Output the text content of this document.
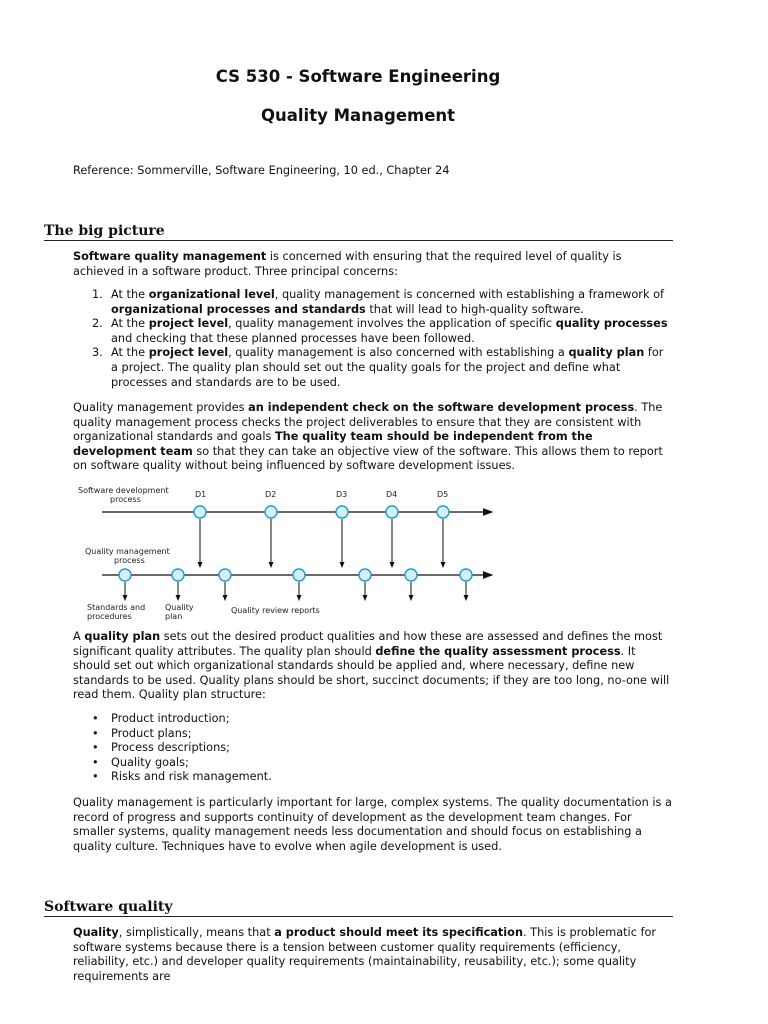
CS 530 - Software Engineering
Quality Management

Reference: Sommerville, Software Engineering, 10 ed., Chapter 24

The big picture

Software quality management is concerned with ensuring that the required level of quality is achieved in a software product. Three principal concerns:

1. At the organizational level, quality management is concerned with establishing a framework of organizational processes and standards that will lead to high-quality software.
2. At the project level, quality management involves the application of specific quality processes and checking that these planned processes have been followed.
3. At the project level, quality management is also concerned with establishing a quality plan for a project. The quality plan should set out the quality goals for the project and define what processes and standards are to be used.

Quality management provides an independent check on the software development process. The quality management process checks the project deliverables to ensure that they are consistent with organizational standards and goals The quality team should be independent from the development team so that they can take an objective view of the software. This allows them to report on software quality without being influenced by software development issues.

Software development
process
D1	D2	D3	D4	D5
Quality management
process
Standards and
procedures
Quality
plan
Quality review reports

A quality plan sets out the desired product qualities and how these are assessed and defines the most significant quality attributes. The quality plan should define the quality assessment process. It should set out which organizational standards should be applied and, where necessary, define new standards to be used. Quality plans should be short, succinct documents; if they are too long, no-one will read them. Quality plan structure:

• Product introduction;
• Product plans;
• Process descriptions;
• Quality goals;
• Risks and risk management.

Quality management is particularly important for large, complex systems. The quality documentation is a record of progress and supports continuity of development as the development team changes. For smaller systems, quality management needs less documentation and should focus on establishing a quality culture. Techniques have to evolve when agile development is used.

Software quality

Quality, simplistically, means that a product should meet its specification. This is problematic for software systems because there is a tension between customer quality requirements (efficiency, reliability, etc.) and developer quality requirements (maintainability, reusability, etc.); some quality requirements are
